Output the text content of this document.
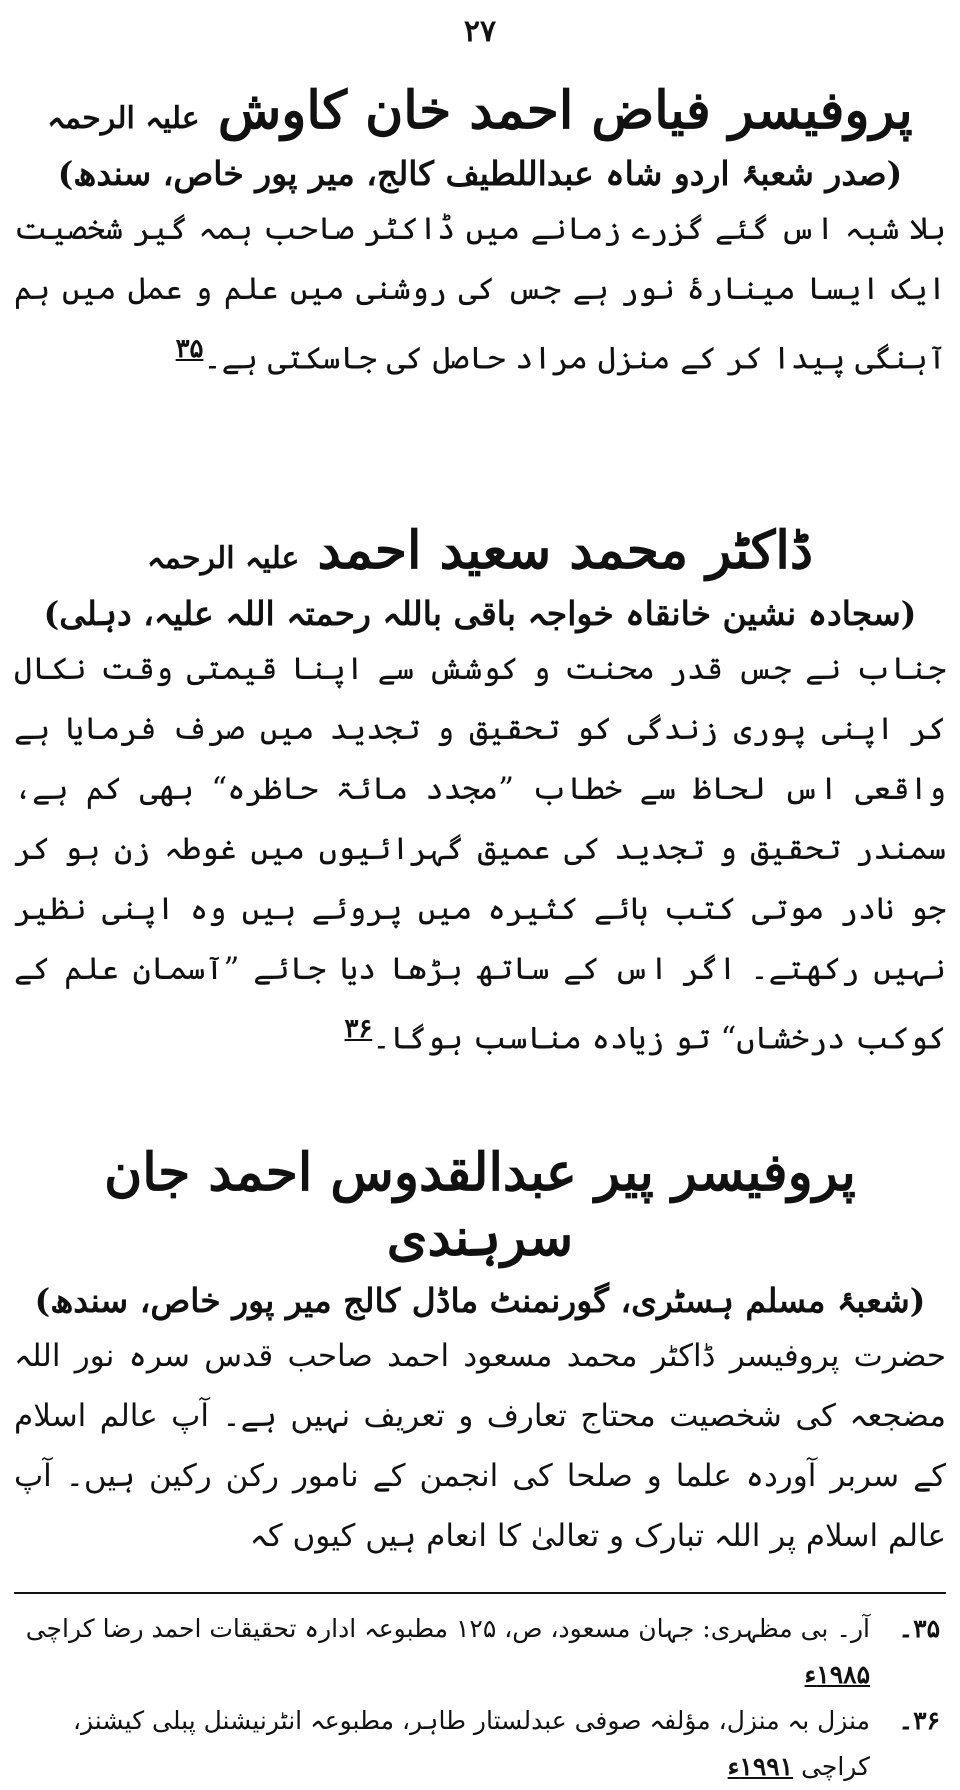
۲۷
پروفیسر فیاض احمد خان کاوش علیہ الرحمہ

(صدر شعبۂ اردو شاہ عبداللطیف کالج، میر پور خاص، سندھ)

بلا شبہ اس گئے گزرے زمانے میں ڈاکٹر صاحب ہمہ گیر شخصیت ایک ایسا مینارۂ نور ہے جس کی روشنی میں علم و عمل میں ہم آہنگی پیدا کر کے منزل مراد حاصل کی جاسکتی ہے۔$^{۳۵}$

ڈاکٹر محمد سعید احمد علیہ الرحمہ

(سجادہ نشین خانقاہ خواجہ باقی باللہ رحمتہ اللہ علیہ، دہلی)

جناب نے جس قدر محنت و کوشش سے اپنا قیمتی وقت نکال کر اپنی پوری زندگی کو تحقیق و تجدید میں صرف فرمایا ہے واقعی اس لحاظ سے خطاب ”مجدد مائۃ حاظرہ“ بھی کم ہے، سمندر تحقیق و تجدید کی عمیق گہرائیوں میں غوطہ زن ہو کر جو نادر موتی کتب ہائے کثیرہ میں پروئے ہیں وہ اپنی نظیر نہیں رکھتے۔ اگر اس کے ساتھ بڑھا دیا جائے ”آسمان علم کے کوکب درخشاں“ تو زیادہ مناسب ہوگا۔$^{۳۶}$

پروفیسر پیر عبدالقدوس احمد جان سرہندی

(شعبۂ مسلم ہسٹری، گورنمنٹ ماڈل کالج میر پور خاص، سندھ)

حضرت پروفیسر ڈاکٹر محمد مسعود احمد صاحب قدس سرہ نور اللہ مضجعہ کی شخصیت محتاج تعارف و تعریف نہیں ہے۔ آپ عالم اسلام کے سربر آوردہ علما و صلحا کی انجمن کے نامور رکن رکین ہیں۔ آپ عالم اسلام پر اللہ تبارک و تعالیٰ کا انعام ہیں کیوں کہ

۳۵۔
آر۔ بی مظہری: جہان مسعود، ص، ۱۲۵ مطبوعہ ادارہ تحقیقات احمد رضا کراچی ۱۹۸۵ء
۳۶۔
منزل بہ منزل، مؤلفہ صوفی عبدلستار طاہر، مطبوعہ انٹرنیشنل پبلی کیشنز، کراچی ۱۹۹۱ء
